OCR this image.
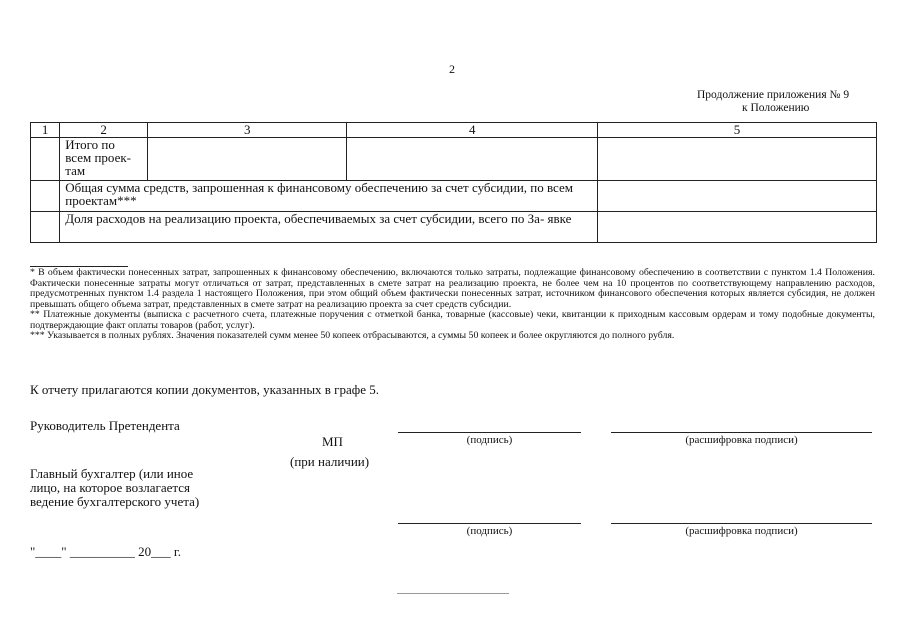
2
Продолжение приложения № 9
к Положению
1	2	3	4	5

	Итого по всем проек- там			

	Общая сумма средств, запрошенная к финансовому обеспечению за счет субсидии, по всем проектам***			
	Доля расходов на реализацию проекта, обеспечиваемых за счет субсидии, всего по За- явке			

* В объем фактически понесенных затрат, запрошенных к финансовому обеспечению, включаются только затраты, подлежащие финансовому обеспечению в соответствии с пунктом 1.4 Положения. Фактически понесенные затраты могут отличаться от затрат, представленных в смете затрат на реализацию проекта, не более чем на 10 процентов по соответствующему направлению расходов, предусмотренных пунктом 1.4 раздела 1 настоящего Положения, при этом общий объем фактически понесенных затрат, источником финансового обеспечения которых является субсидия, не должен превышать общего объема затрат, представленных в смете затрат на реализацию проекта за счет средств субсидии.

** Платежные документы (выписка с расчетного счета, платежные поручения с отметкой банка, товарные (кассовые) чеки, квитанции к приходным кассовым ордерам и тому подобные документы, подтверждающие факт оплаты товаров (работ, услуг).

*** Указывается в полных рублях. Значения показателей сумм менее 50 копеек отбрасываются, а суммы 50 копеек и более округляются до полного рубля.

К отчету прилагаются копии документов, указанных в графе 5.
Руководитель Претендента
МП
(при наличии)
(подпись)	(расшифровка подписи)
Главный бухгалтер (или иное лицо, на которое возлагается ведение бухгалтерского учета)
(подпись)	(расшифровка подписи)
"____" __________ 20___ г.
